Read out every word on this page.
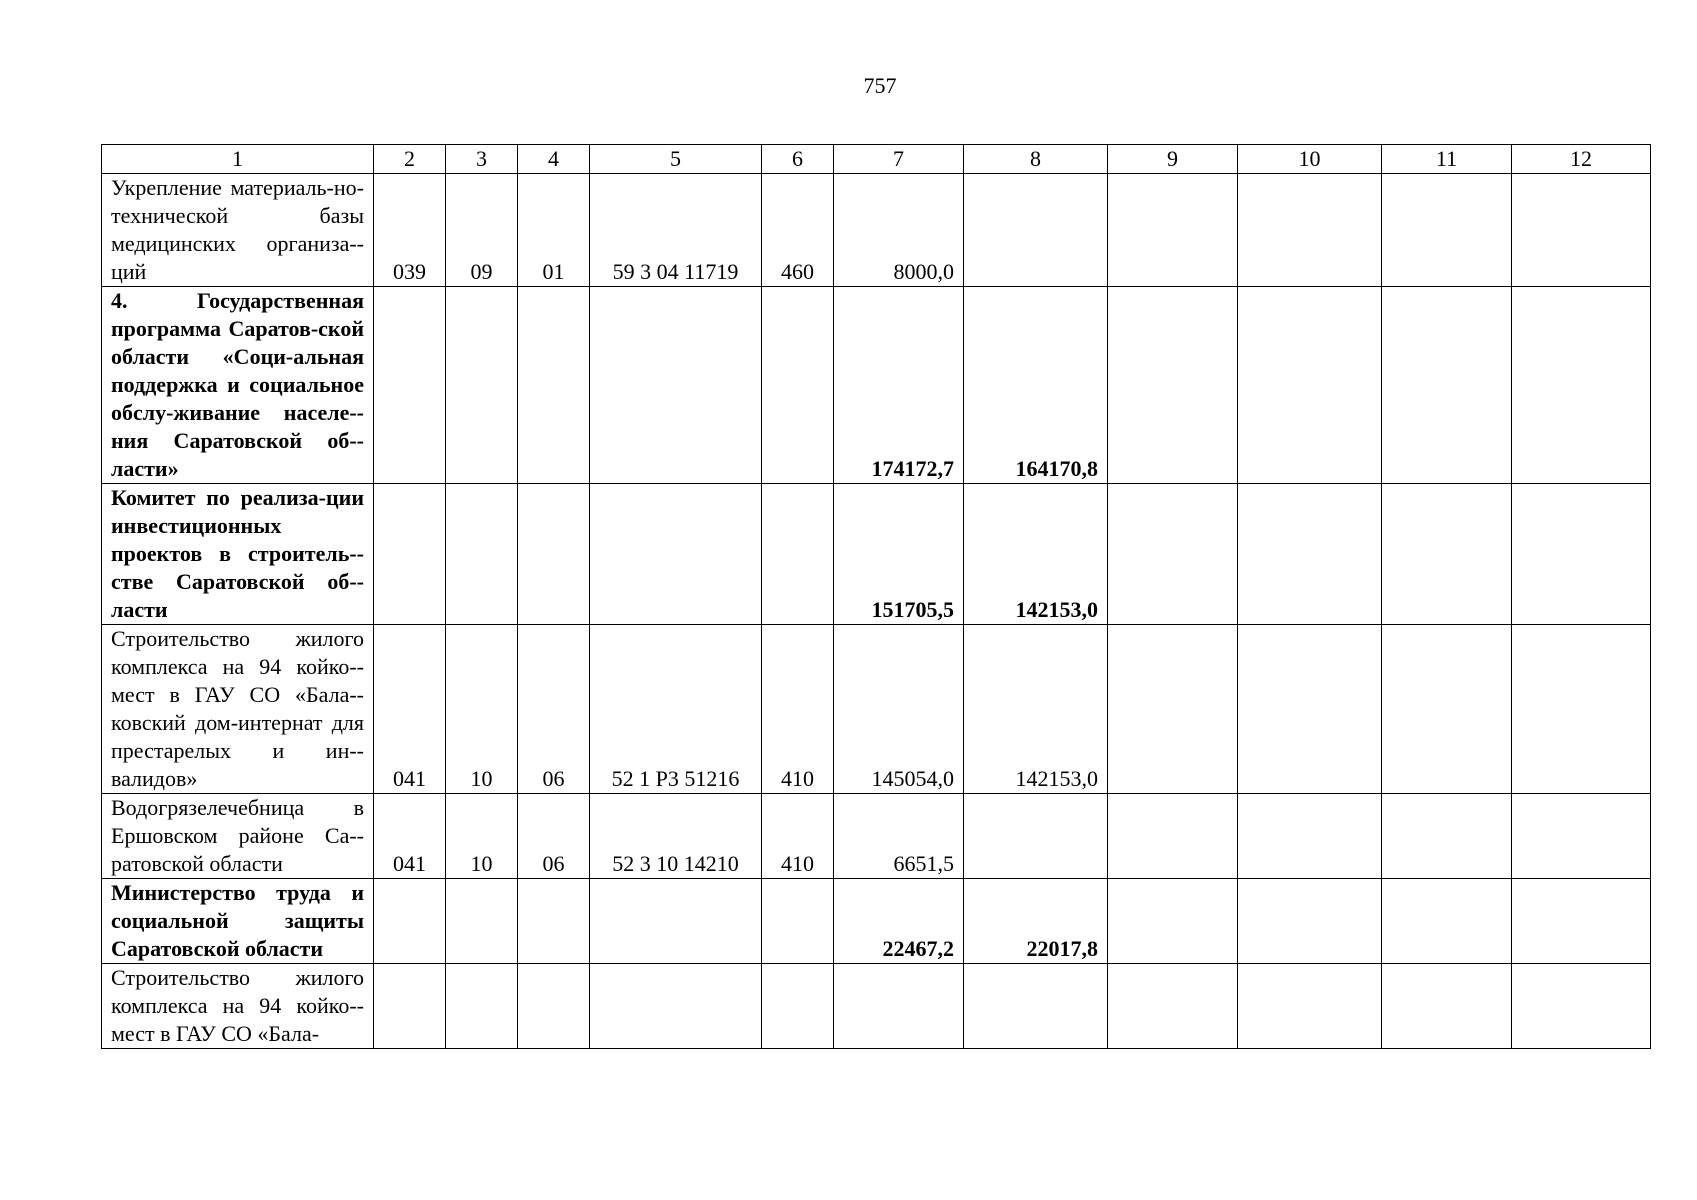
757
1	2	3	4	5	6	7	8	9	10	11	12
Укрепление материаль-но-технической базы медицинских организа-ций	039	09	01	59 3 04 11719	460	8000,0					
4. Государственная программа Саратов-ской области «Соци-альная поддержка и социальное обслу-живание населе-ния Саратовской об-ласти»						174172,7	164170,8				
Комитет по реализа-ции инвестиционных проектов в строитель-стве Саратовской об-ласти						151705,5	142153,0				
Строительство жилого комплекса на 94 койко-мест в ГАУ СО «Бала-ковский дом-интернат для престарелых и ин-валидов»	041	10	06	52 1 Р3 51216	410	145054,0	142153,0				
Водогрязелечебница в Ершовском районе Са-ратовской области	041	10	06	52 3 10 14210	410	6651,5					
Министерство труда и социальной защиты Саратовской области						22467,2	22017,8				
Строительство жилого комплекса на 94 койко-мест в ГАУ СО «Бала-											
